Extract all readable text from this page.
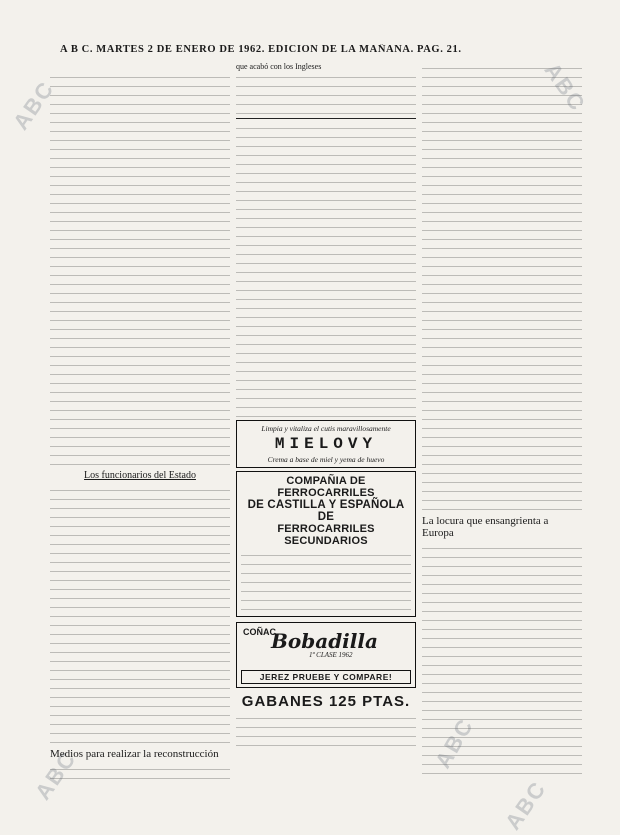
ABC	ABC
ABC
ABC
ABC
A B C. MARTES 2 DE ENERO DE 1962. EDICION DE LA MAÑANA. PAG. 21.
Los funcionarios del Estado
Medios para realizar la reconstrucción
que acabó con los Ingleses
Limpia y vitaliza el cutis maravillosamente
MIELOVY
Crema a base de miel y yema de huevo
COMPAÑIA DE FERROCARRILES
DE CASTILLA Y ESPAÑOLA DE
FERROCARRILES SECUNDARIOS
COÑAC
Bobadilla
1ª CLASE 1962
JEREZ PRUEBE Y COMPARE!
GABANES 125 PTAS.
La locura que ensangrienta a Europa
